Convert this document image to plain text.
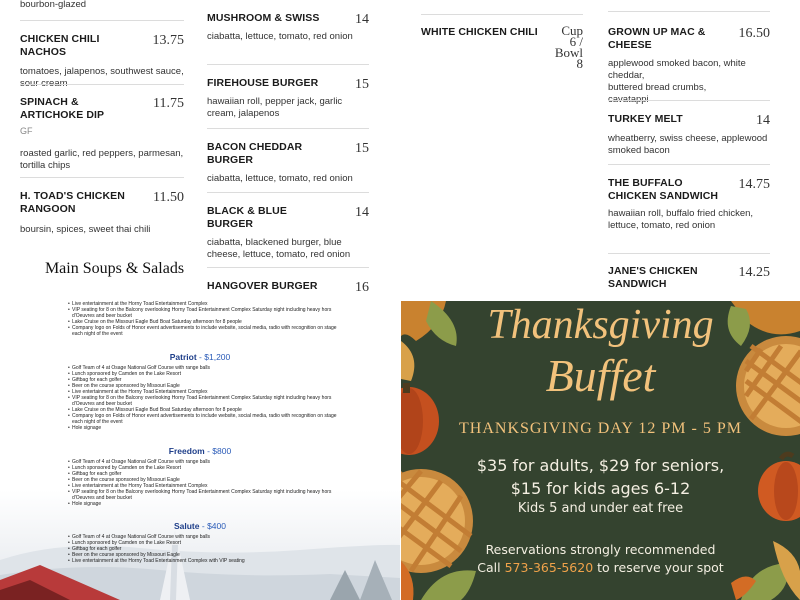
bourbon-glazed
CHICKEN CHILI NACHOS
13.75
tomatoes, jalapenos, southwest sauce, sour cream
SPINACH & ARTICHOKE DIP
11.75
GF
roasted garlic, red peppers, parmesan, tortilla chips
H. TOAD'S CHICKEN RANGOON
11.50
boursin, spices, sweet thai chili
Main Soups & Salads
MUSHROOM & SWISS	14
ciabatta, lettuce, tomato, red onion
FIREHOUSE BURGER	15
hawaiian roll, pepper jack, garlic cream, jalapenos
BACON CHEDDAR BURGER
15
ciabatta, lettuce, tomato, red onion
BLACK & BLUE BURGER
14
ciabatta, blackened burger, blue cheese, lettuce, tomato, red onion
HANGOVER BURGER	16
WHITE CHICKEN CHILI	Cup
6 /
Bowl
8
GROWN UP MAC & CHEESE
16.50
applewood smoked bacon, white cheddar,
buttered bread crumbs,
cavatappi
TURKEY MELT	14
wheatberry, swiss cheese, applewood smoked bacon
THE BUFFALO CHICKEN SANDWICH
14.75
hawaiian roll, buffalo fried chicken, lettuce, tomato, red onion
JANE'S CHICKEN SANDWICH
14.25
• Live entertainment at the Horny Toad Entertainment Complex
• VIP seating for 8 on the Balcony overlooking Horny Toad Entertainment Complex Saturday night including heavy hors d'Oeuvres and beer bucket
• Lake Cruise on the Missouri Eagle Bud Boat Saturday afternoon for 8 people
• Company logo on Folds of Honor event advertisements to include website, social media, radio with recognition on stage each night of the event
Patriot - $1,200
• Golf Team of 4 at Osage National Golf Course with range balls
• Lunch sponsored by Camden on the Lake Resort
• Giftbag for each golfer
• Beer on the course sponsored by Missouri Eagle
• Live entertainment at the Horny Toad Entertainment Complex
• VIP seating for 8 on the Balcony overlooking Horny Toad Entertainment Complex Saturday night including heavy hors d'Oeuvres and beer bucket
• Lake Cruise on the Missouri Eagle Bud Boat Saturday afternoon for 8 people
• Company logo on Folds of Honor event advertisements to include website, social media, radio with recognition on stage each night of the event
• Hole signage
Freedom - $800
• Golf Team of 4 at Osage National Golf Course with range balls
• Lunch sponsored by Camden on the Lake Resort
• Giftbag for each golfer
• Beer on the course sponsored by Missouri Eagle
• Live entertainment at the Horny Toad Entertainment Complex
• VIP seating for 8 on the Balcony overlooking Horny Toad Entertainment Complex Saturday night including heavy hors d'Oeuvres and beer bucket
• Hole signage
Salute - $400
• Golf Team of 4 at Osage National Golf Course with range balls
• Lunch sponsored by Camden on the Lake Resort
• Giftbag for each golfer
• Beer on the course sponsored by Missouri Eagle
• Live entertainment at the Horny Toad Entertainment Complex with VIP seating
Thanksgiving
Buffet
THANKSGIVING DAY 12 PM - 5 PM
$35 for adults, $29 for seniors,
$15 for kids ages 6-12
Kids 5 and under eat free
Reservations strongly recommended
Call 573-365-5620 to reserve your spot
